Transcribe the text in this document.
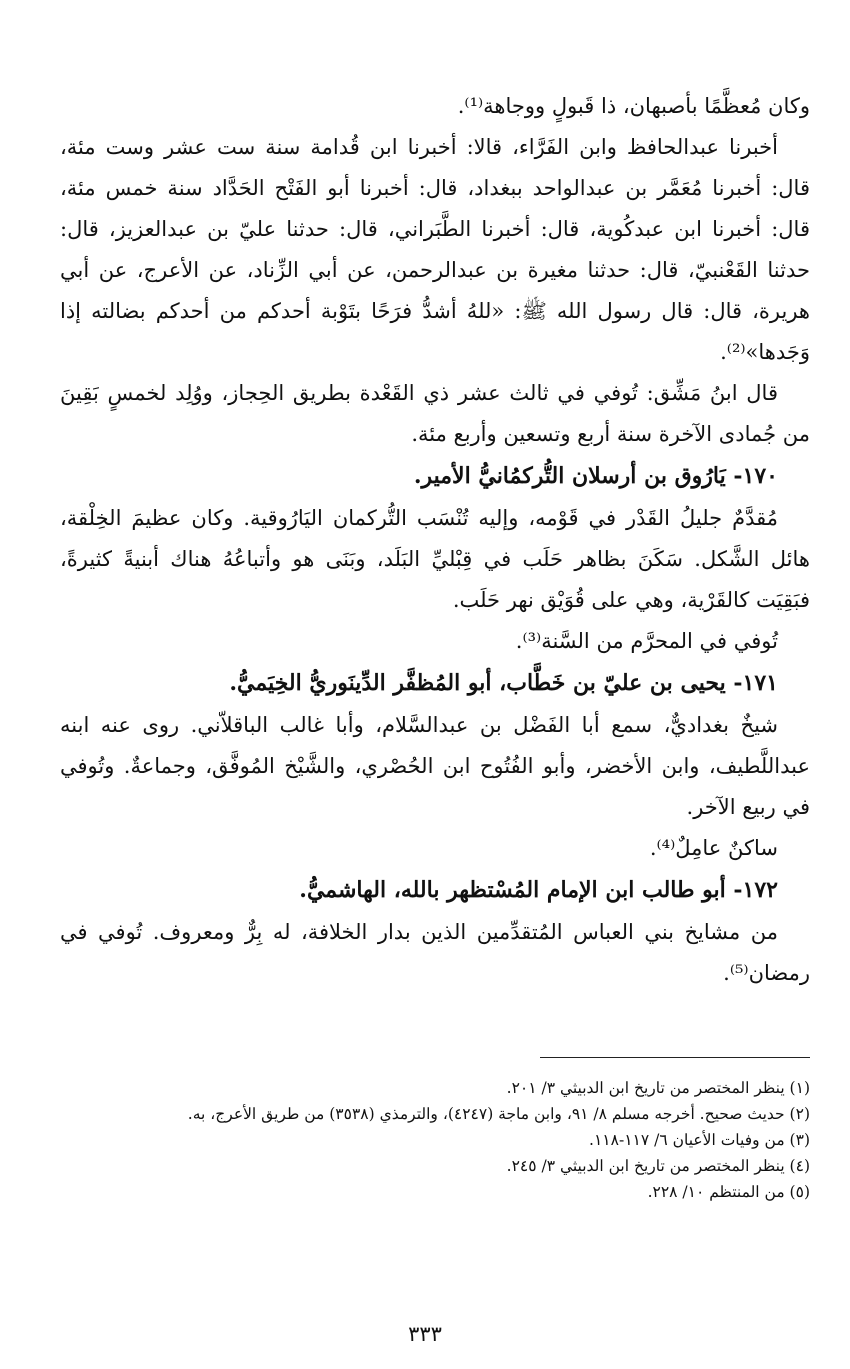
وكان مُعظَّمًا بأصبهان، ذا قَبولٍ ووجاهة⁽¹⁾.

أخبرنا عبدالحافظ وابن الفَرَّاء، قالا: أخبرنا ابن قُدامة سنة ست عشر وست مئة، قال: أخبرنا مُعَمَّر بن عبدالواحد ببغداد، قال: أخبرنا أبو الفَتْح الحَدَّاد سنة خمس مئة، قال: أخبرنا ابن عبدكُوية، قال: أخبرنا الطَّبَراني، قال: حدثنا عليّ بن عبدالعزيز، قال: حدثنا القَعْنبيّ، قال: حدثنا مغيرة بن عبدالرحمن، عن أبي الزِّناد، عن الأعرج، عن أبي هريرة، قال: قال رسول الله ﷺ: «للهُ أشدُّ فرَحًا بتَوْبة أحدكم من أحدكم بضالته إذا وَجَدها»⁽²⁾.

قال ابنُ مَشِّق: تُوفي في ثالث عشر ذي القَعْدة بطريق الحِجاز، ووُلِد لخمسٍ بَقِينَ من جُمادى الآخرة سنة أربع وتسعين وأربع مئة.

١٧٠- يَارُوق بن أرسلان التُّركمُانيُّ الأمير.

مُقدَّمٌ جليلُ القَدْر في قَوْمه، وإليه تُنْسَب التُّركمان اليَارُوقية. وكان عظيمَ الخِلْقة، هائل الشَّكل. سَكَنَ بظاهر حَلَب في قِبْليِّ البَلَد، وبَنَى هو وأتباعُهُ هناك أبنيةً كثيرةً، فبَقِيَت كالقَرْية، وهي على قُوَيْق نهر حَلَب.

تُوفي في المحرَّم من السَّنة⁽³⁾.

١٧١- يحيى بن عليّ بن خَطَّاب، أبو المُظفَّر الدِّينَوريُّ الخِيَميُّ.

شيخٌ بغداديٌّ، سمع أبا الفَضْل بن عبدالسَّلام، وأبا غالب الباقلاّني. روى عنه ابنه عبداللَّطيف، وابن الأخضر، وأبو الفُتُوح ابن الحُصْري، والشَّيْخ المُوفَّق، وجماعةٌ. وتُوفي في ربيع الآخر.

ساكنٌ عامِلٌ⁽⁴⁾.

١٧٢- أبو طالب ابن الإمام المُسْتظهر بالله، الهاشميُّ.

من مشايخ بني العباس المُتقدِّمين الذين بدار الخلافة، له بِرٌّ ومعروف. تُوفي في رمضان⁽⁵⁾.

(١) ينظر المختصر من تاريخ ابن الدبيثي ٣/ ٢٠١.

(٢) حديث صحيح. أخرجه مسلم ٨/ ٩١، وابن ماجة (٤٢٤٧)، والترمذي (٣٥٣٨) من طريق الأعرج، به.

(٣) من وفيات الأعيان ٦/ ١١٧-١١٨.

(٤) ينظر المختصر من تاريخ ابن الدبيثي ٣/ ٢٤٥.

(٥) من المنتظم ١٠/ ٢٢٨.

٣٣٣
